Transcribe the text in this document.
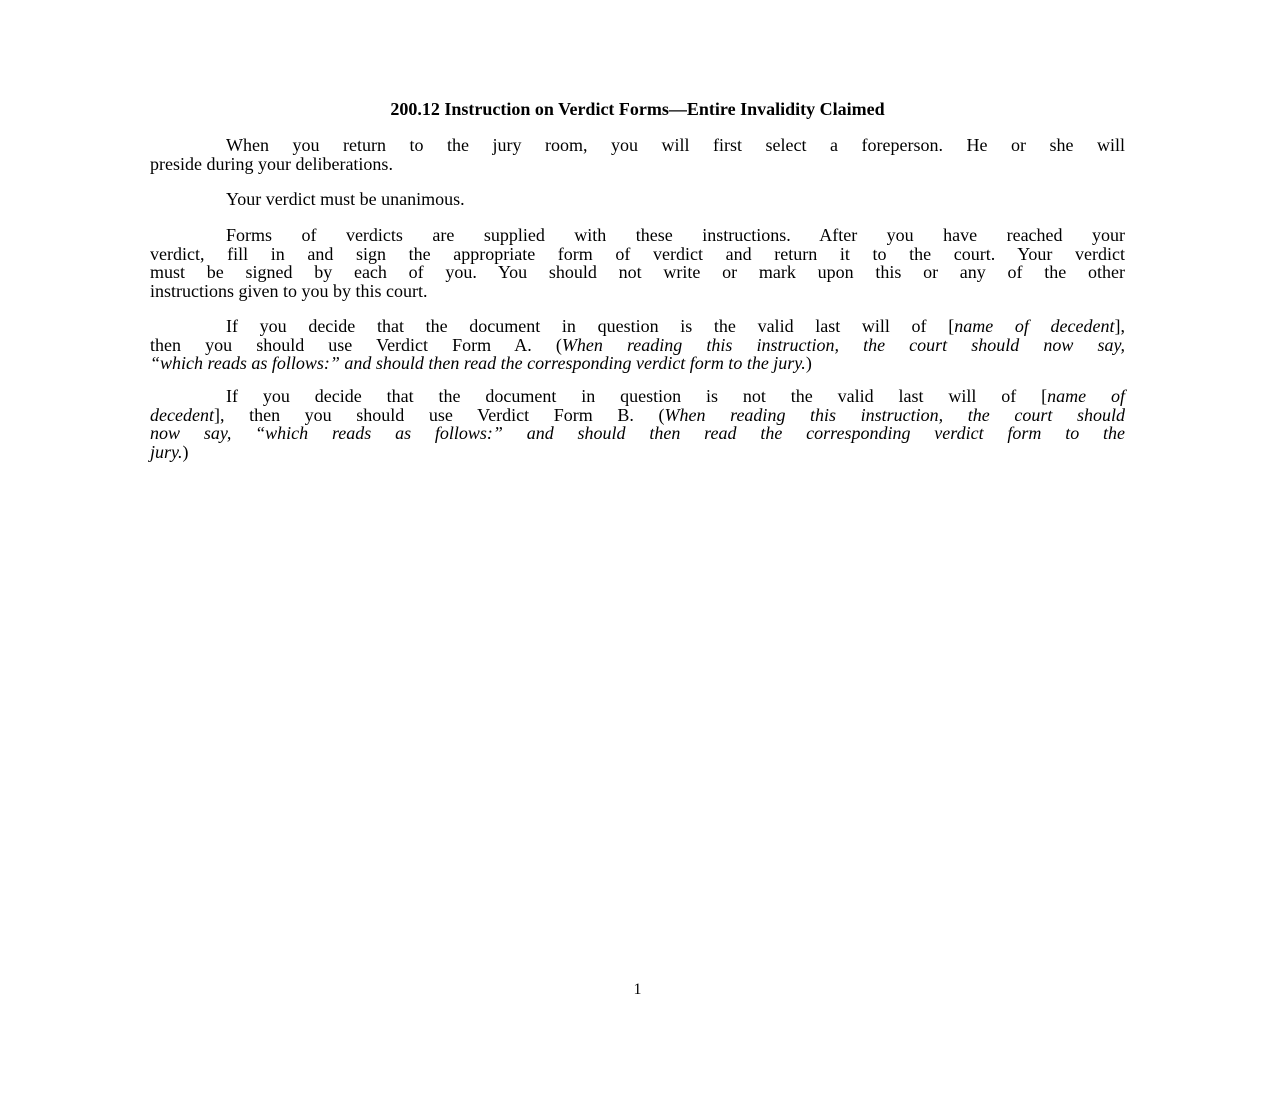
200.12 Instruction on Verdict Forms—Entire Invalidity Claimed
When you return to the jury room, you will first select a foreperson. He or she will
preside during your deliberations.
Your verdict must be unanimous.
Forms of verdicts are supplied with these instructions. After you have reached your
verdict, fill in and sign the appropriate form of verdict and return it to the court. Your verdict
must be signed by each of you. You should not write or mark upon this or any of the other
instructions given to you by this court.
If you decide that the document in question is the valid last will of [name of decedent],
then you should use Verdict Form A. (When reading this instruction, the court should now say,
“which reads as follows:” and should then read the corresponding verdict form to the jury.)
If you decide that the document in question is not the valid last will of [name of
decedent], then you should use Verdict Form B. (When reading this instruction, the court should
now say, “which reads as follows:” and should then read the corresponding verdict form to the
jury.)
1
